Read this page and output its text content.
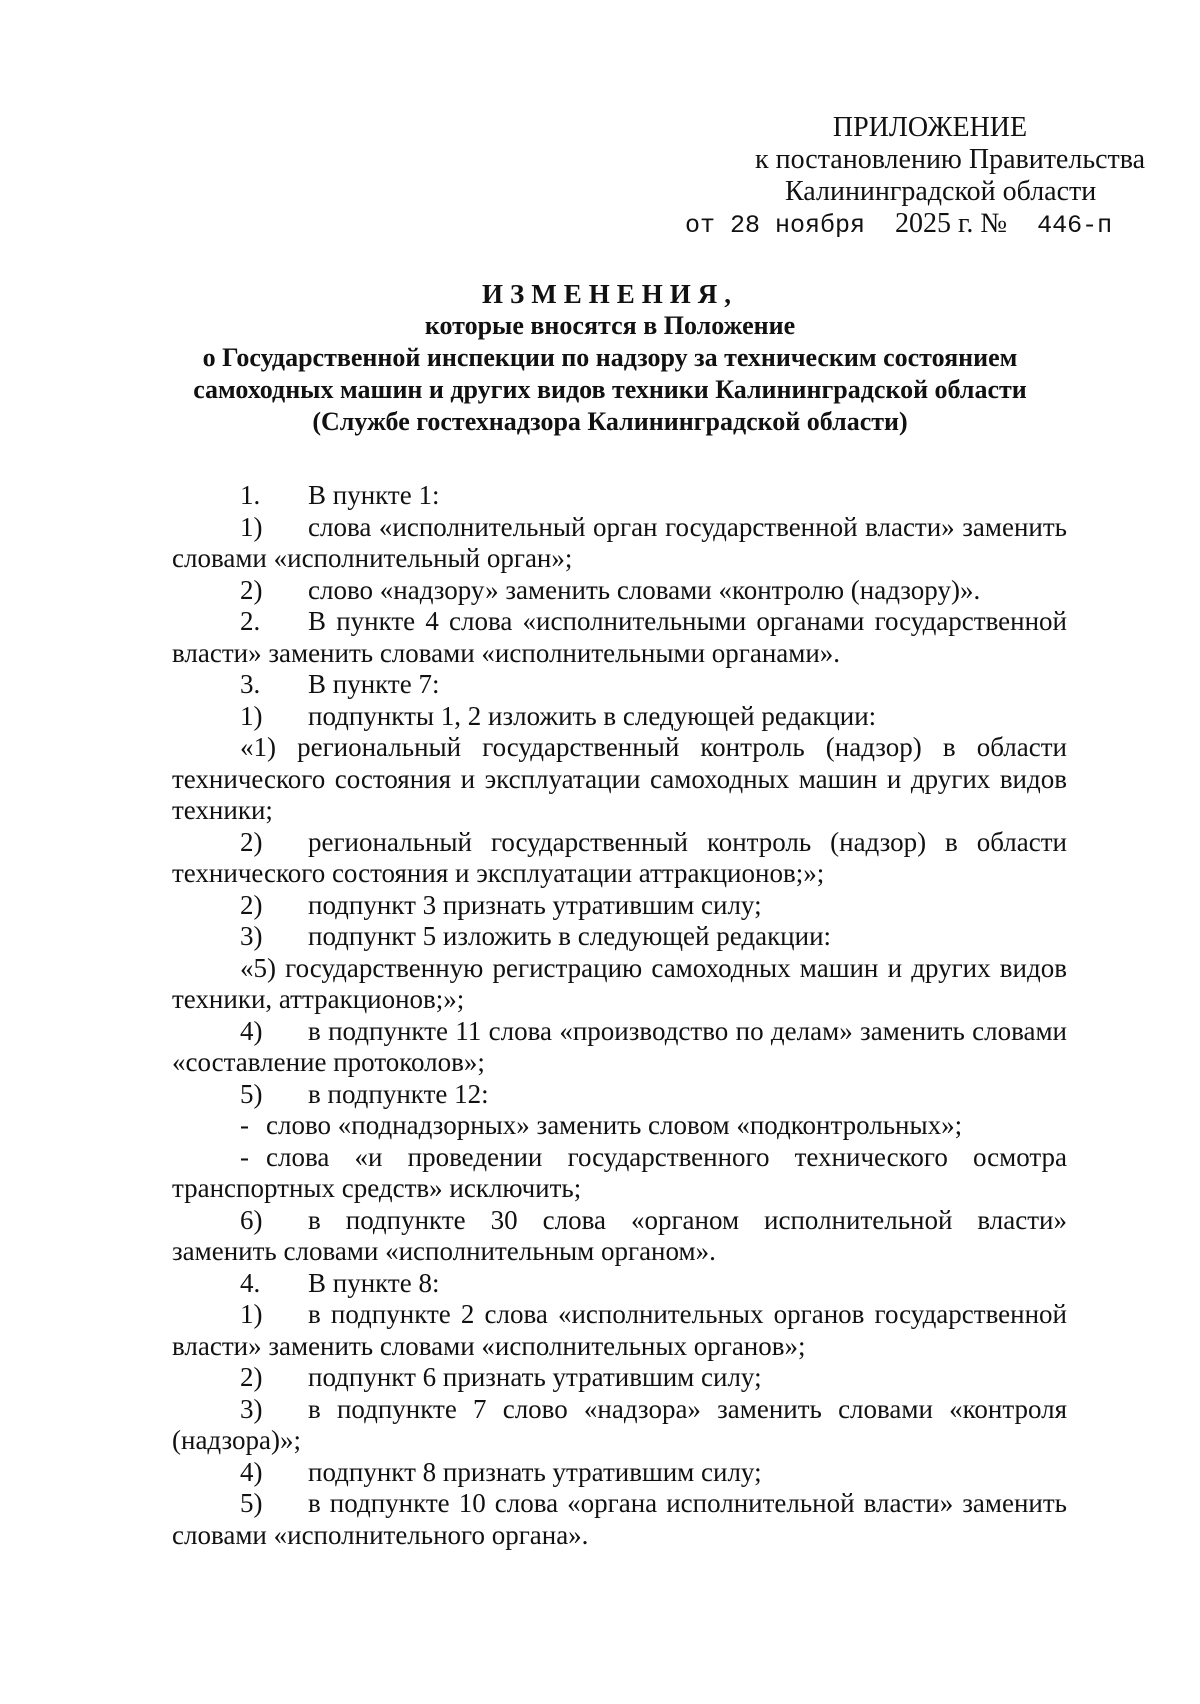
ПРИЛОЖЕНИЕ
к постановлению Правительства
Калининградской области
от 28 ноября 2025 г. № 446-п
ИЗМЕНЕНИЯ,
которые вносятся в Положение
о Государственной инспекции по надзору за техническим состоянием
самоходных машин и других видов техники Калининградской области
(Службе гостехнадзора Калининградской области)

1. В пункте 1:

1) слова «исполнительный орган государственной власти» заменить словами «исполнительный орган»;

2) слово «надзору» заменить словами «контролю (надзору)».

2. В пункте 4 слова «исполнительными органами государственной власти» заменить словами «исполнительными органами».

3. В пункте 7:

1) подпункты 1, 2 изложить в следующей редакции:

«1) региональный государственный контроль (надзор) в области технического состояния и эксплуатации самоходных машин и других видов техники;

2) региональный государственный контроль (надзор) в области технического состояния и эксплуатации аттракционов;»;

2) подпункт 3 признать утратившим силу;

3) подпункт 5 изложить в следующей редакции:

«5) государственную регистрацию самоходных машин и других видов техники, аттракционов;»;

4) в подпункте 11 слова «производство по делам» заменить словами «составление протоколов»;

5) в подпункте 12:

- слово «поднадзорных» заменить словом «подконтрольных»;

- слова «и проведении государственного технического осмотра транспортных средств» исключить;

6) в подпункте 30 слова «органом исполнительной власти» заменить словами «исполнительным органом».

4. В пункте 8:

1) в подпункте 2 слова «исполнительных органов государственной власти» заменить словами «исполнительных органов»;

2) подпункт 6 признать утратившим силу;

3) в подпункте 7 слово «надзора» заменить словами «контроля (надзора)»;

4) подпункт 8 признать утратившим силу;

5) в подпункте 10 слова «органа исполнительной власти» заменить словами «исполнительного органа».
